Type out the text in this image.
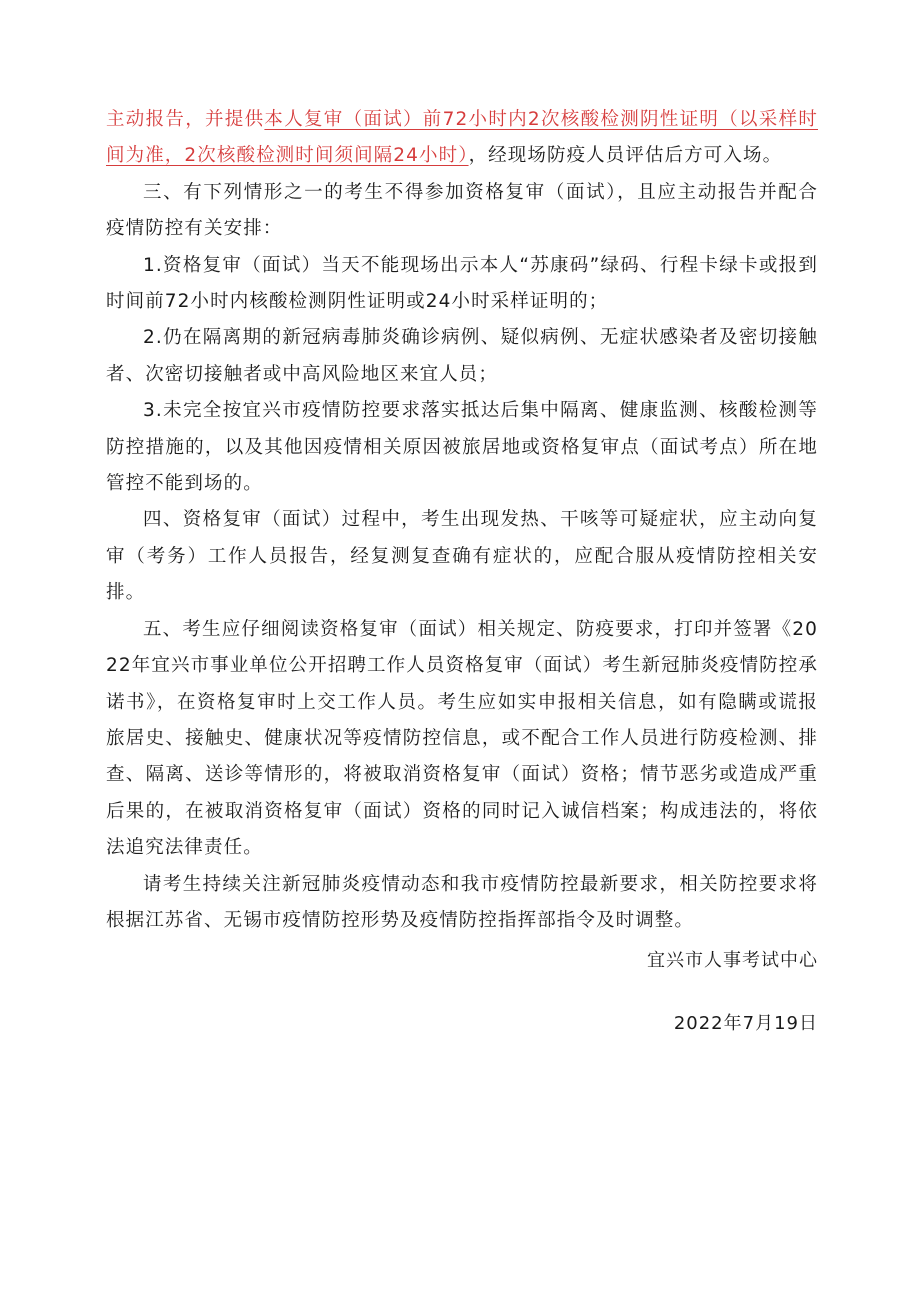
主动报告，并提供本人复审（面试）前72小时内2次核酸检测阴性证明（以采样时间为准，2次核酸检测时间须间隔24小时），经现场防疫人员评估后方可入场。

三、有下列情形之一的考生不得参加资格复审（面试），且应主动报告并配合疫情防控有关安排：

1.资格复审（面试）当天不能现场出示本人“苏康码”绿码、行程卡绿卡或报到时间前72小时内核酸检测阴性证明或24小时采样证明的；

2.仍在隔离期的新冠病毒肺炎确诊病例、疑似病例、无症状感染者及密切接触者、次密切接触者或中高风险地区来宜人员；

3.未完全按宜兴市疫情防控要求落实抵达后集中隔离、健康监测、核酸检测等防控措施的，以及其他因疫情相关原因被旅居地或资格复审点（面试考点）所在地管控不能到场的。

四、资格复审（面试）过程中，考生出现发热、干咳等可疑症状，应主动向复审（考务）工作人员报告，经复测复查确有症状的，应配合服从疫情防控相关安排。

五、考生应仔细阅读资格复审（面试）相关规定、防疫要求，打印并签署《2022年宜兴市事业单位公开招聘工作人员资格复审（面试）考生新冠肺炎疫情防控承诺书》，在资格复审时上交工作人员。考生应如实申报相关信息，如有隐瞒或谎报旅居史、接触史、健康状况等疫情防控信息，或不配合工作人员进行防疫检测、排查、隔离、送诊等情形的，将被取消资格复审（面试）资格；情节恶劣或造成严重后果的，在被取消资格复审（面试）资格的同时记入诚信档案；构成违法的，将依法追究法律责任。

请考生持续关注新冠肺炎疫情动态和我市疫情防控最新要求，相关防控要求将根据江苏省、无锡市疫情防控形势及疫情防控指挥部指令及时调整。

宜兴市人事考试中心

2022年7月19日
